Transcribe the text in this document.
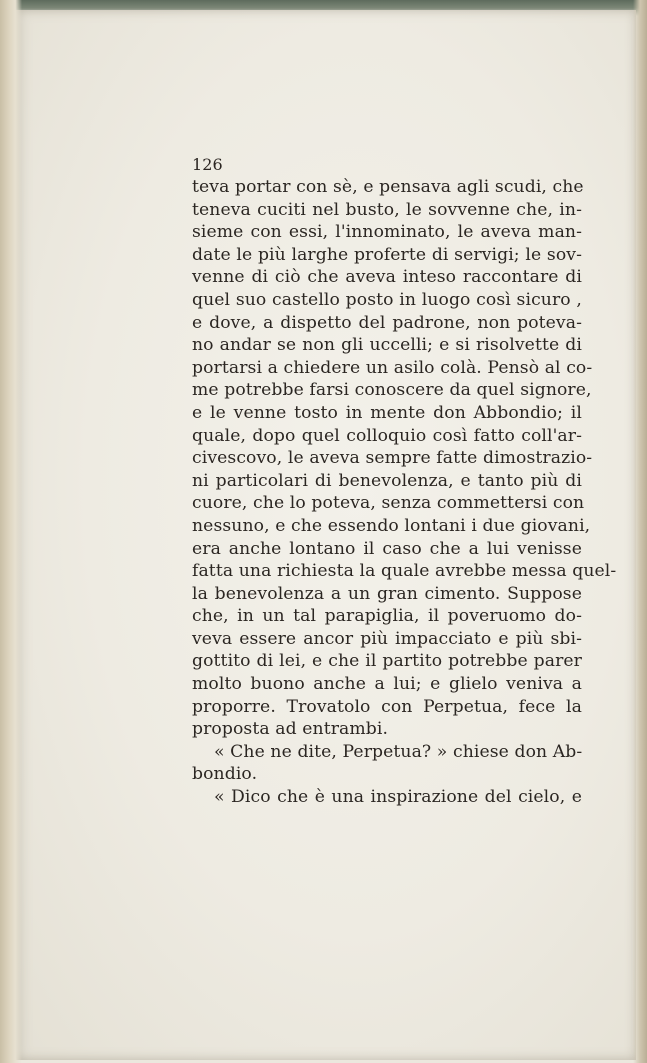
126
teva portar con sè, e pensava agli scudi, che
teneva cuciti nel busto, le sovvenne che, in-
sieme con essi, l'innominato, le aveva man-
date le più larghe proferte di servigi; le sov-
venne di ciò che aveva inteso raccontare di
quel suo castello posto in luogo così sicuro ,
e dove, a dispetto del padrone, non poteva-
no andar se non gli uccelli; e si risolvette di
portarsi a chiedere un asilo colà. Pensò al co-
me potrebbe farsi conoscere da quel signore,
e le venne tosto in mente don Abbondio; il
quale, dopo quel colloquio così fatto coll'ar-
civescovo, le aveva sempre fatte dimostrazio-
ni particolari di benevolenza, e tanto più di
cuore, che lo poteva, senza commettersi con
nessuno, e che essendo lontani i due giovani,
era anche lontano il caso che a lui venisse
fatta una richiesta la quale avrebbe messa quel-
la benevolenza a un gran cimento. Suppose
che, in un tal parapiglia, il poveruomo do-
veva essere ancor più impacciato e più sbi-
gottito di lei, e che il partito potrebbe parer
molto buono anche a lui; e glielo veniva a
proporre. Trovatolo con Perpetua, fece la
proposta ad entrambi.
« Che ne dite, Perpetua? » chiese don Ab-
bondio.
« Dico che è una inspirazione del cielo, e
